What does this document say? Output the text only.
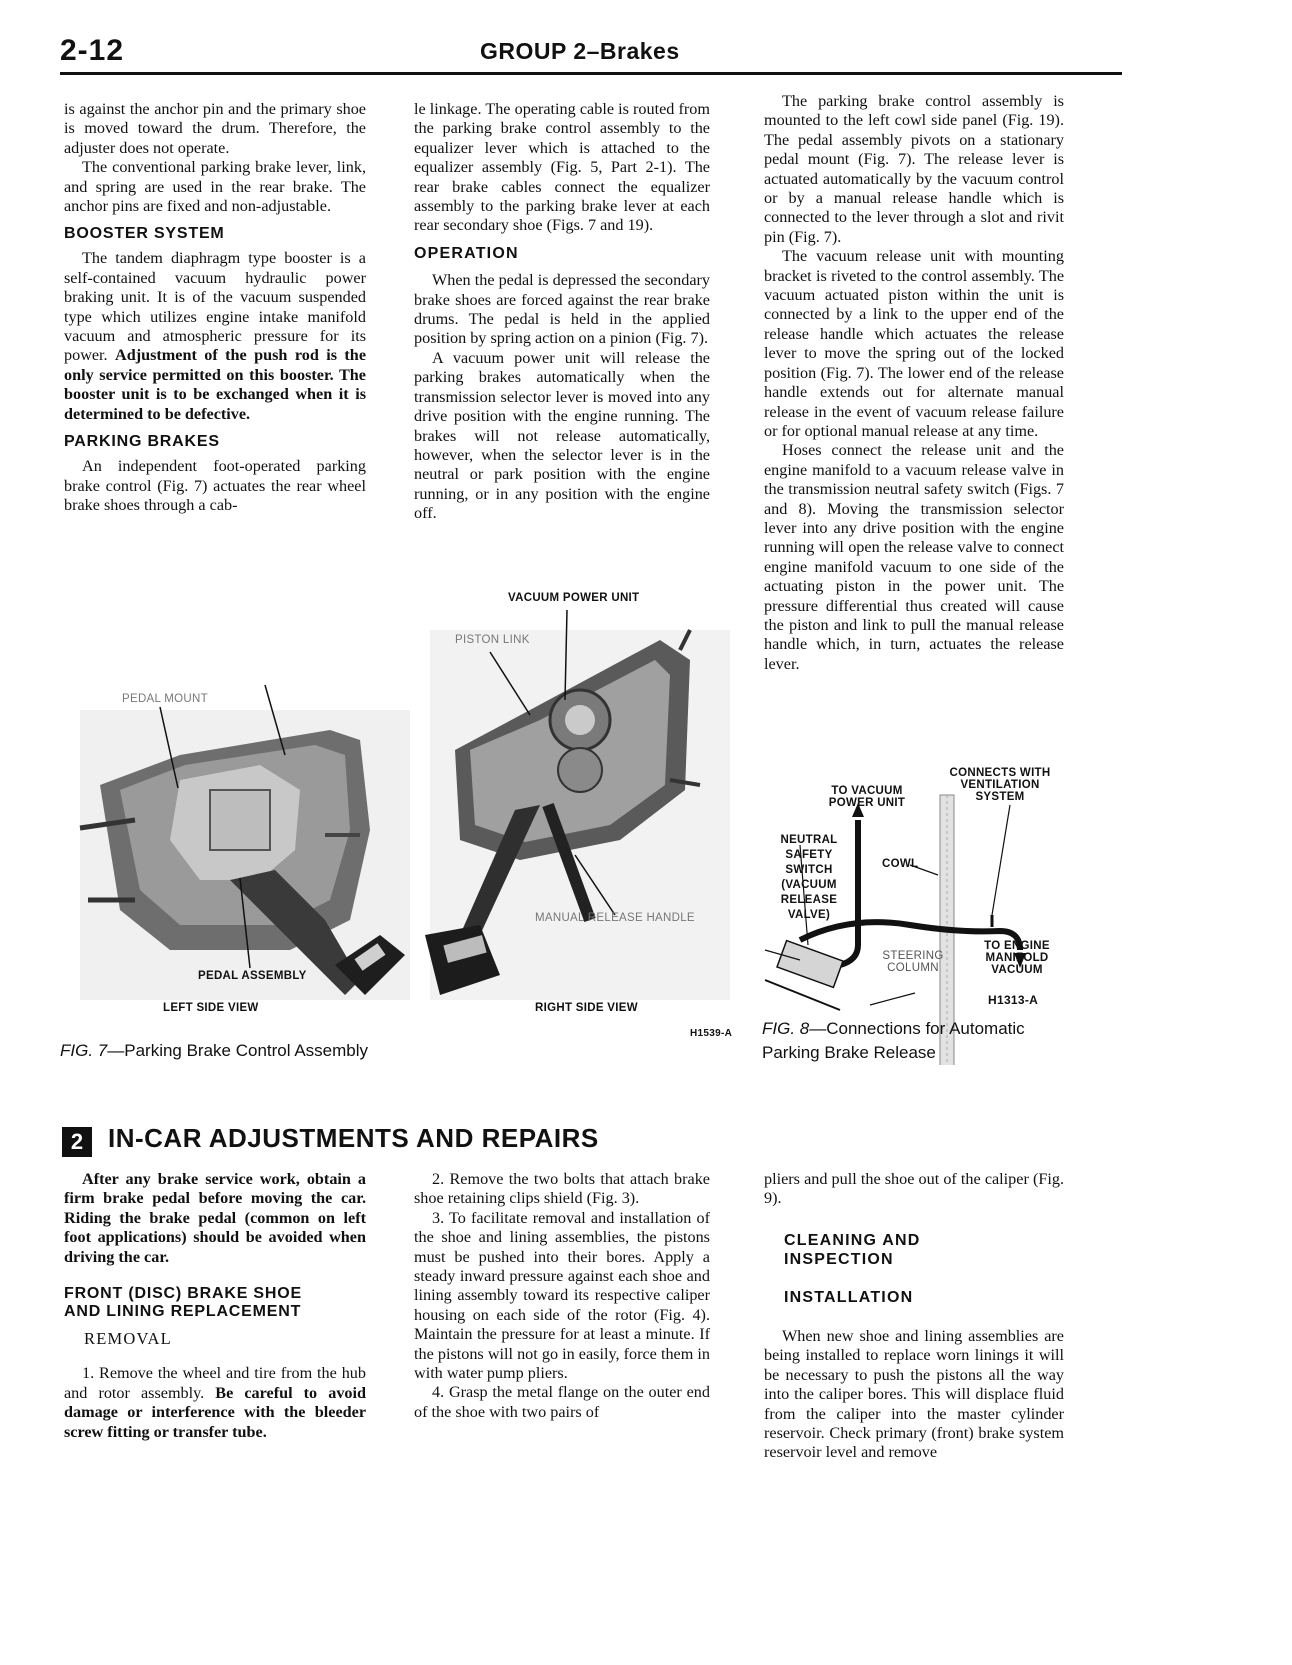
2-12	GROUP 2–Brakes

is against the anchor pin and the primary shoe is moved toward the drum. Therefore, the adjuster does not operate.

The conventional parking brake lever, link, and spring are used in the rear brake. The anchor pins are fixed and non-adjustable.

BOOSTER SYSTEM

The tandem diaphragm type booster is a self-contained vacuum hydraulic power braking unit. It is of the vacuum suspended type which utilizes engine intake manifold vacuum and atmospheric pressure for its power. Adjustment of the push rod is the only service permitted on this booster. The booster unit is to be exchanged when it is determined to be defective.

PARKING BRAKES

An independent foot-operated parking brake control (Fig. 7) actuates the rear wheel brake shoes through a cab-

le linkage. The operating cable is routed from the parking brake control assembly to the equalizer lever which is attached to the equalizer assembly (Fig. 5, Part 2-1). The rear brake cables connect the equalizer assembly to the parking brake lever at each rear secondary shoe (Figs. 7 and 19).

OPERATION

When the pedal is depressed the secondary brake shoes are forced against the rear brake drums. The pedal is held in the applied position by spring action on a pinion (Fig. 7).

A vacuum power unit will release the parking brakes automatically when the transmission selector lever is moved into any drive position with the engine running. The brakes will not release automatically, however, when the selector lever is in the neutral or park position with the engine running, or in any position with the engine off.

The parking brake control assembly is mounted to the left cowl side panel (Fig. 19). The pedal assembly pivots on a stationary pedal mount (Fig. 7). The release lever is actuated automatically by the vacuum control or by a manual release handle which is connected to the lever through a slot and rivit pin (Fig. 7).

The vacuum release unit with mounting bracket is riveted to the control assembly. The vacuum actuated piston within the unit is connected by a link to the upper end of the release handle which actuates the release lever to move the spring out of the locked position (Fig. 7). The lower end of the release handle extends out for alternate manual release in the event of vacuum release failure or for optional manual release at any time.

Hoses connect the release unit and the engine manifold to a vacuum release valve in the transmission neutral safety switch (Figs. 7 and 8). Moving the transmission selector lever into any drive position with the engine running will open the release valve to connect engine manifold vacuum to one side of the actuating piston in the power unit. The pressure differential thus created will cause the piston and link to pull the manual release handle which, in turn, actuates the release lever.

VACUUM POWER UNIT
PISTON LINK
PEDAL MOUNT
MANUAL RELEASE HANDLE
PEDAL ASSEMBLY
LEFT SIDE VIEW	RIGHT SIDE VIEW
H1539-A
FIG. 7—Parking Brake Control Assembly
TO VACUUM
POWER UNIT
CONNECTS WITH
VENTILATION
SYSTEM
NEUTRAL
SAFETY
SWITCH
(VACUUM
RELEASE
VALVE)
COWL
STEERING
COLUMN
TO ENGINE
MANIFOLD
VACUUM
H1313-A
FIG. 8—Connections for Automatic
Parking Brake Release
2 IN-CAR ADJUSTMENTS AND REPAIRS

After any brake service work, obtain a firm brake pedal before moving the car. Riding the brake pedal (common on left foot applications) should be avoided when driving the car.

FRONT (DISC) BRAKE SHOE
AND LINING REPLACEMENT
REMOVAL

1. Remove the wheel and tire from the hub and rotor assembly. Be careful to avoid damage or interference with the bleeder screw fitting or transfer tube.

2. Remove the two bolts that attach brake shoe retaining clips shield (Fig. 3).

3. To facilitate removal and installation of the shoe and lining assemblies, the pistons must be pushed into their bores. Apply a steady inward pressure against each shoe and lining assembly toward its respective caliper housing on each side of the rotor (Fig. 4). Maintain the pressure for at least a minute. If the pistons will not go in easily, force them in with water pump pliers.

4. Grasp the metal flange on the outer end of the shoe with two pairs of

pliers and pull the shoe out of the caliper (Fig. 9).

CLEANING AND
INSPECTION
INSTALLATION

When new shoe and lining assemblies are being installed to replace worn linings it will be necessary to push the pistons all the way into the caliper bores. This will displace fluid from the caliper into the master cylinder reservoir. Check primary (front) brake system reservoir level and remove
